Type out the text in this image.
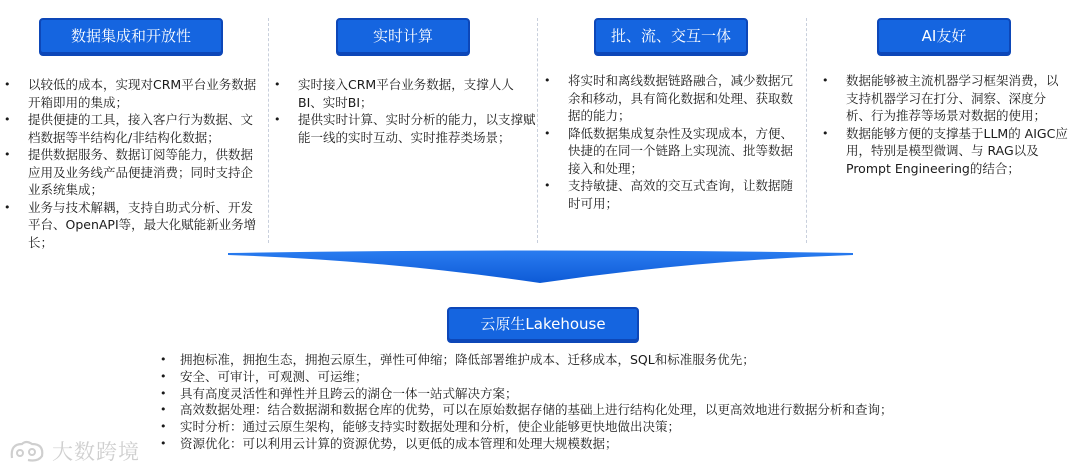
数据集成和开放性
• 以较低的成本，实现对CRM平台业务数据开箱即用的集成；
• 提供便捷的工具，接入客户行为数据、文档数据等半结构化/非结构化数据；
• 提供数据服务、数据订阅等能力，供数据应用及业务线产品便捷消费；同时支持企业系统集成；
• 业务与技术解耦，支持自助式分析、开发平台、OpenAPI等，最大化赋能新业务增长；
实时计算
• 实时接入CRM平台业务数据，支撑人人BI、实时BI；
• 提供实时计算、实时分析的能力，以支撑赋能一线的实时互动、实时推荐类场景；
批、流、交互一体
• 将实时和离线数据链路融合，减少数据冗余和移动，具有简化数据和处理、获取数据的能力；
• 降低数据集成复杂性及实现成本，方便、快捷的在同一个链路上实现流、批等数据接入和处理；
• 支持敏捷、高效的交互式查询，让数据随时可用；
AI友好
• 数据能够被主流机器学习框架消费，以支持机器学习在打分、洞察、深度分析、行为推荐等场景对数据的使用；
• 数据能够方便的支撑基于LLM的 AIGC应用，特别是模型微调、与 RAG以及Prompt Engineering的结合；
云原生Lakehouse
• 拥抱标准，拥抱生态，拥抱云原生，弹性可伸缩；降低部署维护成本、迁移成本，SQL和标准服务优先；
• 安全、可审计，可观测、可运维；
• 具有高度灵活性和弹性并且跨云的湖仓一体一站式解决方案；
• 高效数据处理：结合数据湖和数据仓库的优势，可以在原始数据存储的基础上进行结构化处理，以更高效地进行数据分析和查询；
• 实时分析：通过云原生架构，能够支持实时数据处理和分析，使企业能够更快地做出决策；
• 资源优化：可以利用云计算的资源优势，以更低的成本管理和处理大规模数据；
大数跨境
